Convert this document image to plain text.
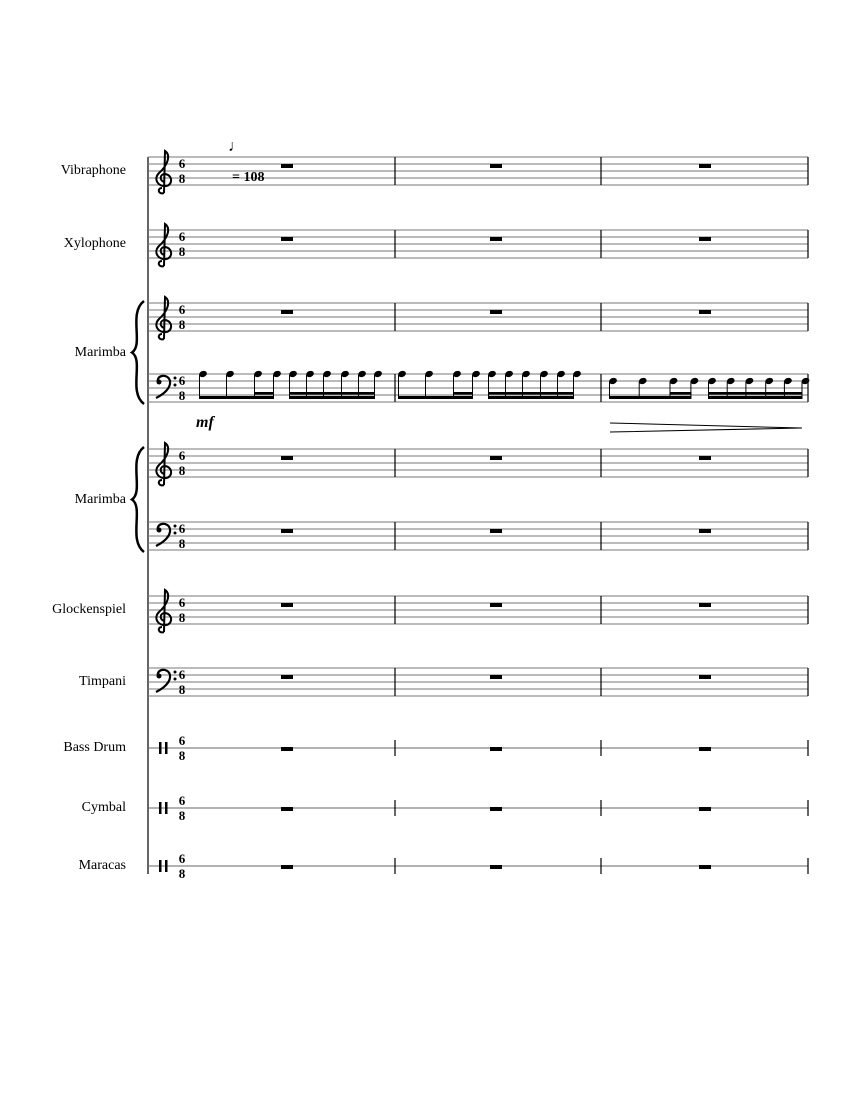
6
8
6
8
6
8
6
8
6
8
6
8
6
8
6
8
6
8
6
8
6
8
Vibraphone
Xylophone
Marimba
Marimba
Glockenspiel
Timpani
Bass Drum
Cymbal
Maracas
♩
= 108
mf
